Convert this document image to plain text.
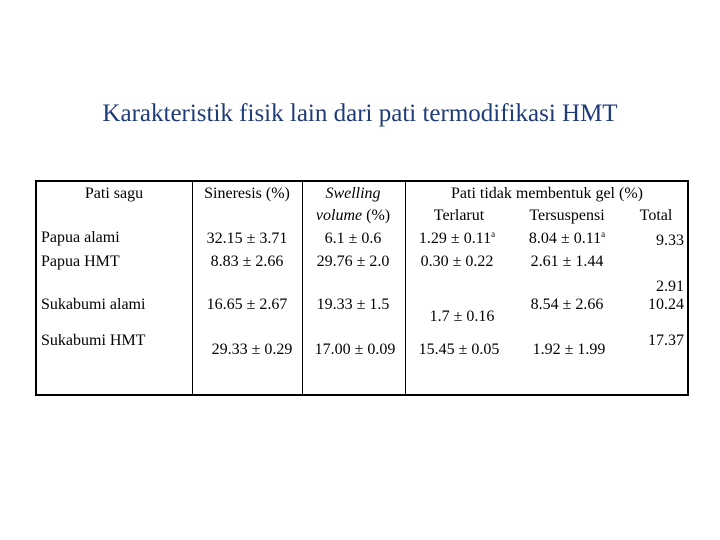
Karakteristik fisik lain dari pati termodifikasi HMT
Pati sagu	Sineresis (%) Swelling
volume (%)
Pati tidak membentuk gel (%)
Terlarut	Tersuspensi Total
Papua alami
Papua HMT
Sukabumi alami
Sukabumi HMT
32.15 ± 3.71
8.83 ± 2.66
16.65 ± 2.67
29.33 ± 0.29
6.1 ± 0.6
29.76 ± 2.0
19.33 ± 1.5
17.00 ± 0.09
1.29 ± 0.11$^a$
0.30 ± 0.22
1.7 ± 0.16
15.45 ± 0.05
8.04 ± 0.11$^a$
2.61 ± 1.44
8.54 ± 2.66
1.92 ± 1.99
9.33
2.91
10.24
17.37
